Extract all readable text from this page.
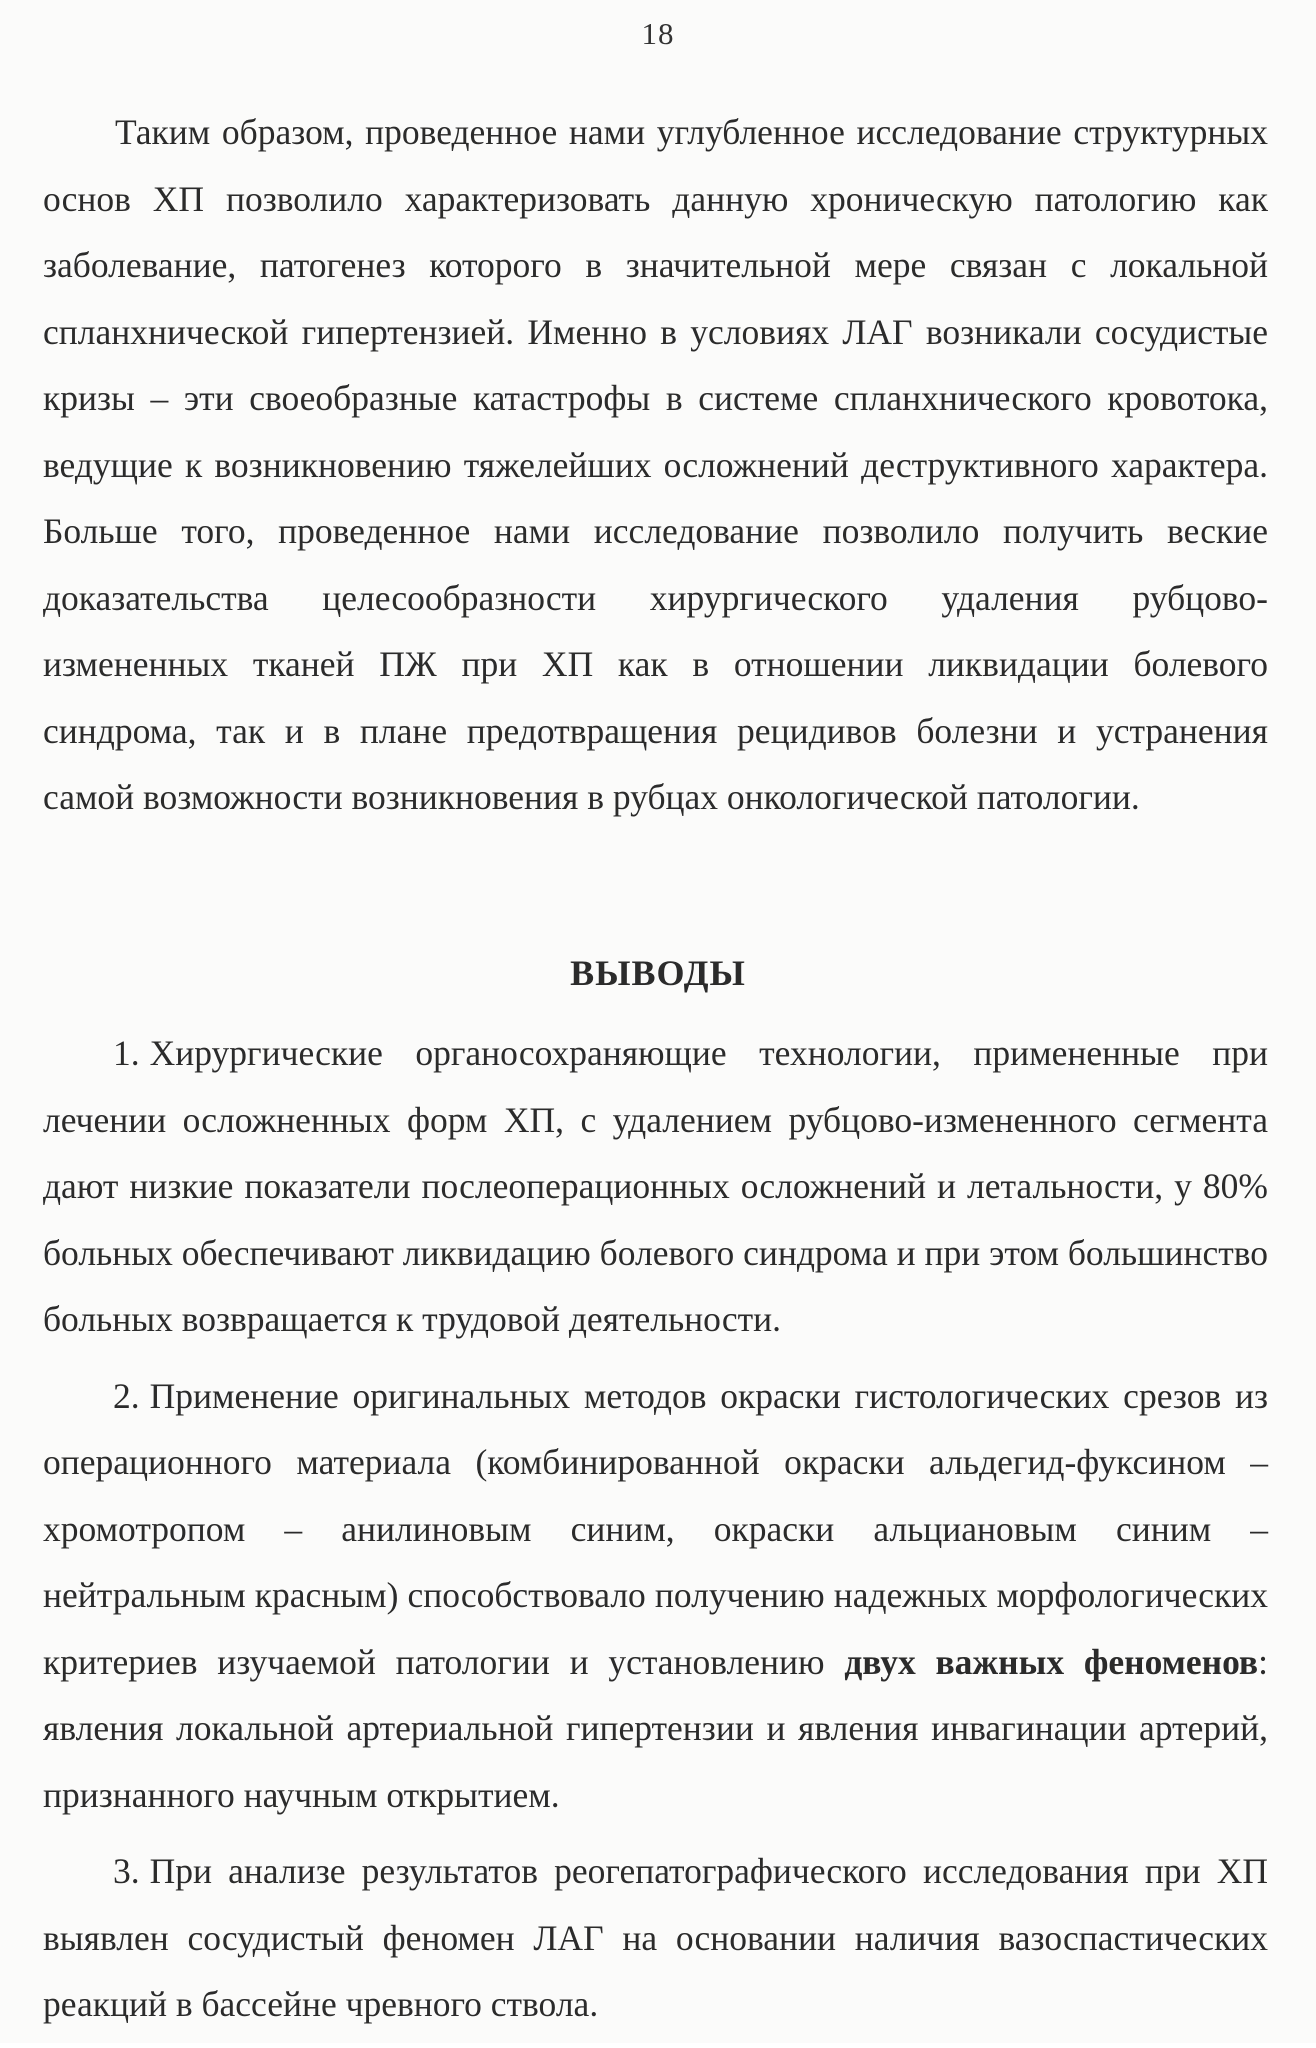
18

Таким образом, проведенное нами углубленное исследование структурных основ ХП позволило характеризовать данную хроническую патологию как заболевание, патогенез которого в значительной мере связан с локальной спланхнической гипертензией. Именно в условиях ЛАГ возникали сосудистые кризы – эти своеобразные катастрофы в системе спланхнического кровотока, ведущие к возникновению тяжелейших осложнений деструктивного характера. Больше того, проведенное нами исследование позволило получить веские доказательства целесообразности хирургического удаления рубцово-измененных тканей ПЖ при ХП как в отношении ликвидации болевого синдрома, так и в плане предотвращения рецидивов болезни и устранения самой возможности возникновения в рубцах онкологической патологии.

ВЫВОДЫ

1. Хирургические органосохраняющие технологии, примененные при лечении осложненных форм ХП, с удалением рубцово-измененного сегмента дают низкие показатели послеоперационных осложнений и летальности, у 80% больных обеспечивают ликвидацию болевого синдрома и при этом большинство больных возвращается к трудовой деятельности.

2. Применение оригинальных методов окраски гистологических срезов из операционного материала (комбинированной окраски альдегид-фуксином – хромотропом – анилиновым синим, окраски альциановым синим – нейтральным красным) способствовало получению надежных морфологических критериев изучаемой патологии и установлению двух важных феноменов: явления локальной артериальной гипертензии и явления инвагинации артерий, признанного научным открытием.

3. При анализе результатов реогепатографического исследования при ХП выявлен сосудистый феномен ЛАГ на основании наличия вазоспастических реакций в бассейне чревного ствола.
